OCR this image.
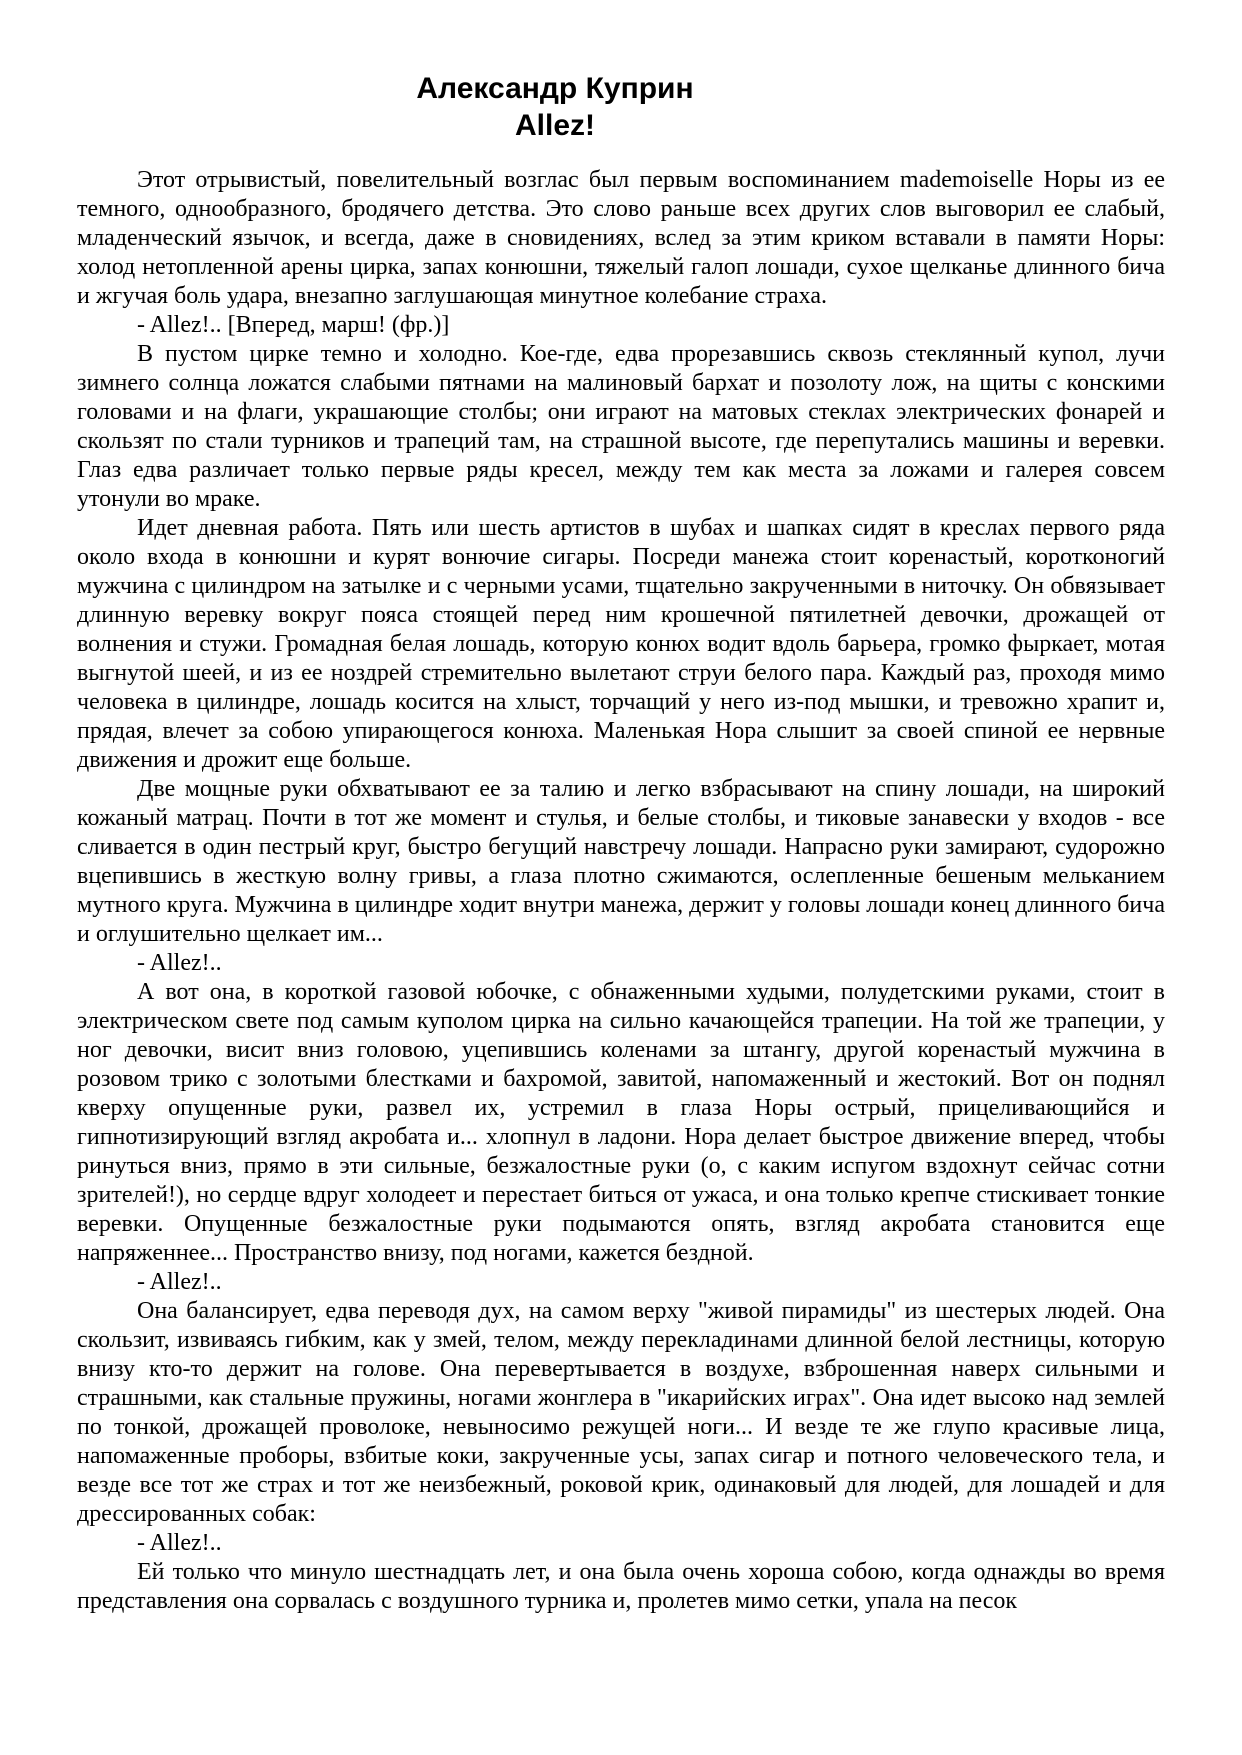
Александр Куприн
Allez!

Этот отрывистый, повелительный возглас был первым воспоминанием mademoiselle Норы из ее темного, однообразного, бродячего детства. Это слово раньше всех других слов выговорил ее слабый, младенческий язычок, и всегда, даже в сновидениях, вслед за этим криком вставали в памяти Норы: холод нетопленной арены цирка, запах конюшни, тяжелый галоп лошади, сухое щелканье длинного бича и жгучая боль удара, внезапно заглушающая минутное колебание страха.

- Allez!.. [Вперед, марш! (фр.)]

В пустом цирке темно и холодно. Кое-где, едва прорезавшись сквозь стеклянный купол, лучи зимнего солнца ложатся слабыми пятнами на малиновый бархат и позолоту лож, на щиты с конскими головами и на флаги, украшающие столбы; они играют на матовых стеклах электрических фонарей и скользят по стали турников и трапеций там, на страшной высоте, где перепутались машины и веревки. Глаз едва различает только первые ряды кресел, между тем как места за ложами и галерея совсем утонули во мраке.

Идет дневная работа. Пять или шесть артистов в шубах и шапках сидят в креслах первого ряда около входа в конюшни и курят вонючие сигары. Посреди манежа стоит коренастый, коротконогий мужчина с цилиндром на затылке и с черными усами, тщательно закрученными в ниточку. Он обвязывает длинную веревку вокруг пояса стоящей перед ним крошечной пятилетней девочки, дрожащей от волнения и стужи. Громадная белая лошадь, которую конюх водит вдоль барьера, громко фыркает, мотая выгнутой шеей, и из ее ноздрей стремительно вылетают струи белого пара. Каждый раз, проходя мимо человека в цилиндре, лошадь косится на хлыст, торчащий у него из-под мышки, и тревожно храпит и, прядая, влечет за собою упирающегося конюха. Маленькая Нора слышит за своей спиной ее нервные движения и дрожит еще больше.

Две мощные руки обхватывают ее за талию и легко взбрасывают на спину лошади, на широкий кожаный матрац. Почти в тот же момент и стулья, и белые столбы, и тиковые занавески у входов - все сливается в один пестрый круг, быстро бегущий навстречу лошади. Напрасно руки замирают, судорожно вцепившись в жесткую волну гривы, а глаза плотно сжимаются, ослепленные бешеным мельканием мутного круга. Мужчина в цилиндре ходит внутри манежа, держит у головы лошади конец длинного бича и оглушительно щелкает им...

- Allez!..

А вот она, в короткой газовой юбочке, с обнаженными худыми, полудетскими руками, стоит в электрическом свете под самым куполом цирка на сильно качающейся трапеции. На той же трапеции, у ног девочки, висит вниз головою, уцепившись коленами за штангу, другой коренастый мужчина в розовом трико с золотыми блестками и бахромой, завитой, напомаженный и жестокий. Вот он поднял кверху опущенные руки, развел их, устремил в глаза Норы острый, прицеливающийся и гипнотизирующий взгляд акробата и... хлопнул в ладони. Нора делает быстрое движение вперед, чтобы ринуться вниз, прямо в эти сильные, безжалостные руки (о, с каким испугом вздохнут сейчас сотни зрителей!), но сердце вдруг холодеет и перестает биться от ужаса, и она только крепче стискивает тонкие веревки. Опущенные безжалостные руки подымаются опять, взгляд акробата становится еще напряженнее... Пространство внизу, под ногами, кажется бездной.

- Allez!..

Она балансирует, едва переводя дух, на самом верху "живой пирамиды" из шестерых людей. Она скользит, извиваясь гибким, как у змей, телом, между перекладинами длинной белой лестницы, которую внизу кто-то держит на голове. Она перевертывается в воздухе, взброшенная наверх сильными и страшными, как стальные пружины, ногами жонглера в "икарийских играх". Она идет высоко над землей по тонкой, дрожащей проволоке, невыносимо режущей ноги... И везде те же глупо красивые лица, напомаженные проборы, взбитые коки, закрученные усы, запах сигар и потного человеческого тела, и везде все тот же страх и тот же неизбежный, роковой крик, одинаковый для людей, для лошадей и для дрессированных собак:

- Allez!..

Ей только что минуло шестнадцать лет, и она была очень хороша собою, когда однажды во время представления она сорвалась с воздушного турника и, пролетев мимо сетки, упала на песок
